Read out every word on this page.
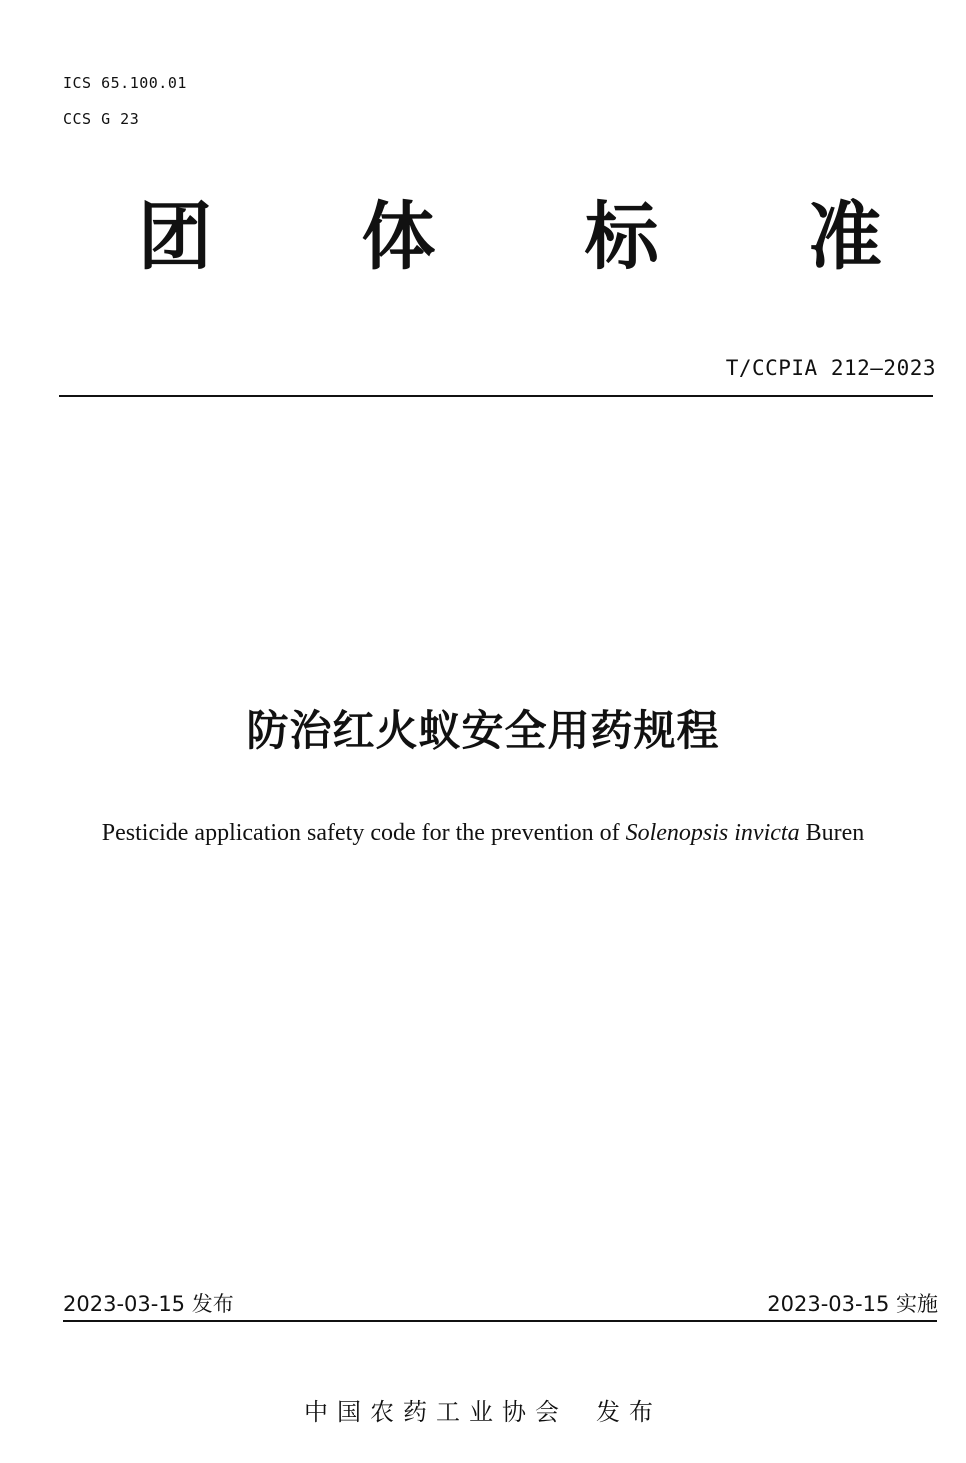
ICS 65.100.01
CCS G 23
团 体 标 准
T/CCPIA 212—2023
防治红火蚁安全用药规程
Pesticide application safety code for the prevention of Solenopsis invicta Buren
2023-03-15 发布	2023-03-15 实施
中国农药工业协会 发布
